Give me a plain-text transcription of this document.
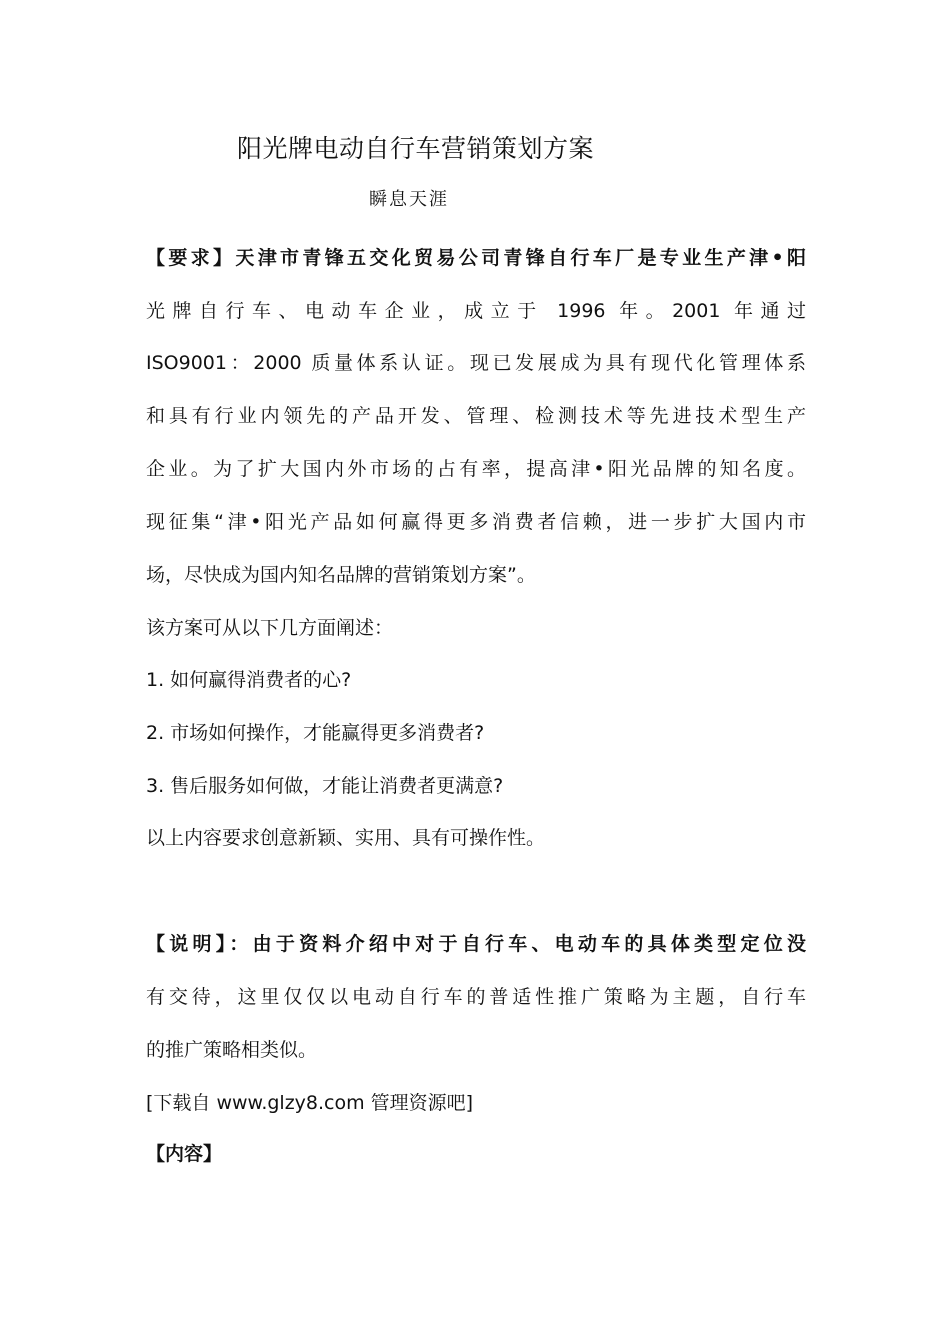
阳光牌电动自行车营销策划方案
瞬息天涯
【要求】天津市青锋五交化贸易公司青锋自行车厂是专业生产津•阳
光牌自行车、电动车企业，成立于 1996 年。2001 年通过
ISO9001：2000 质量体系认证。现已发展成为具有现代化管理体系
和具有行业内领先的产品开发、管理、检测技术等先进技术型生产
企业。为了扩大国内外市场的占有率，提高津•阳光品牌的知名度。
现征集“津•阳光产品如何赢得更多消费者信赖，进一步扩大国内市
场，尽快成为国内知名品牌的营销策划方案”。
该方案可从以下几方面阐述：
1. 如何赢得消费者的心?
2. 市场如何操作，才能赢得更多消费者?
3. 售后服务如何做，才能让消费者更满意?
以上内容要求创意新颖、实用、具有可操作性。
【说明】：由于资料介绍中对于自行车、电动车的具体类型定位没
有交待，这里仅仅以电动自行车的普适性推广策略为主题，自行车
的推广策略相类似。
[下载自 www.glzy8.com 管理资源吧]
【内容】
